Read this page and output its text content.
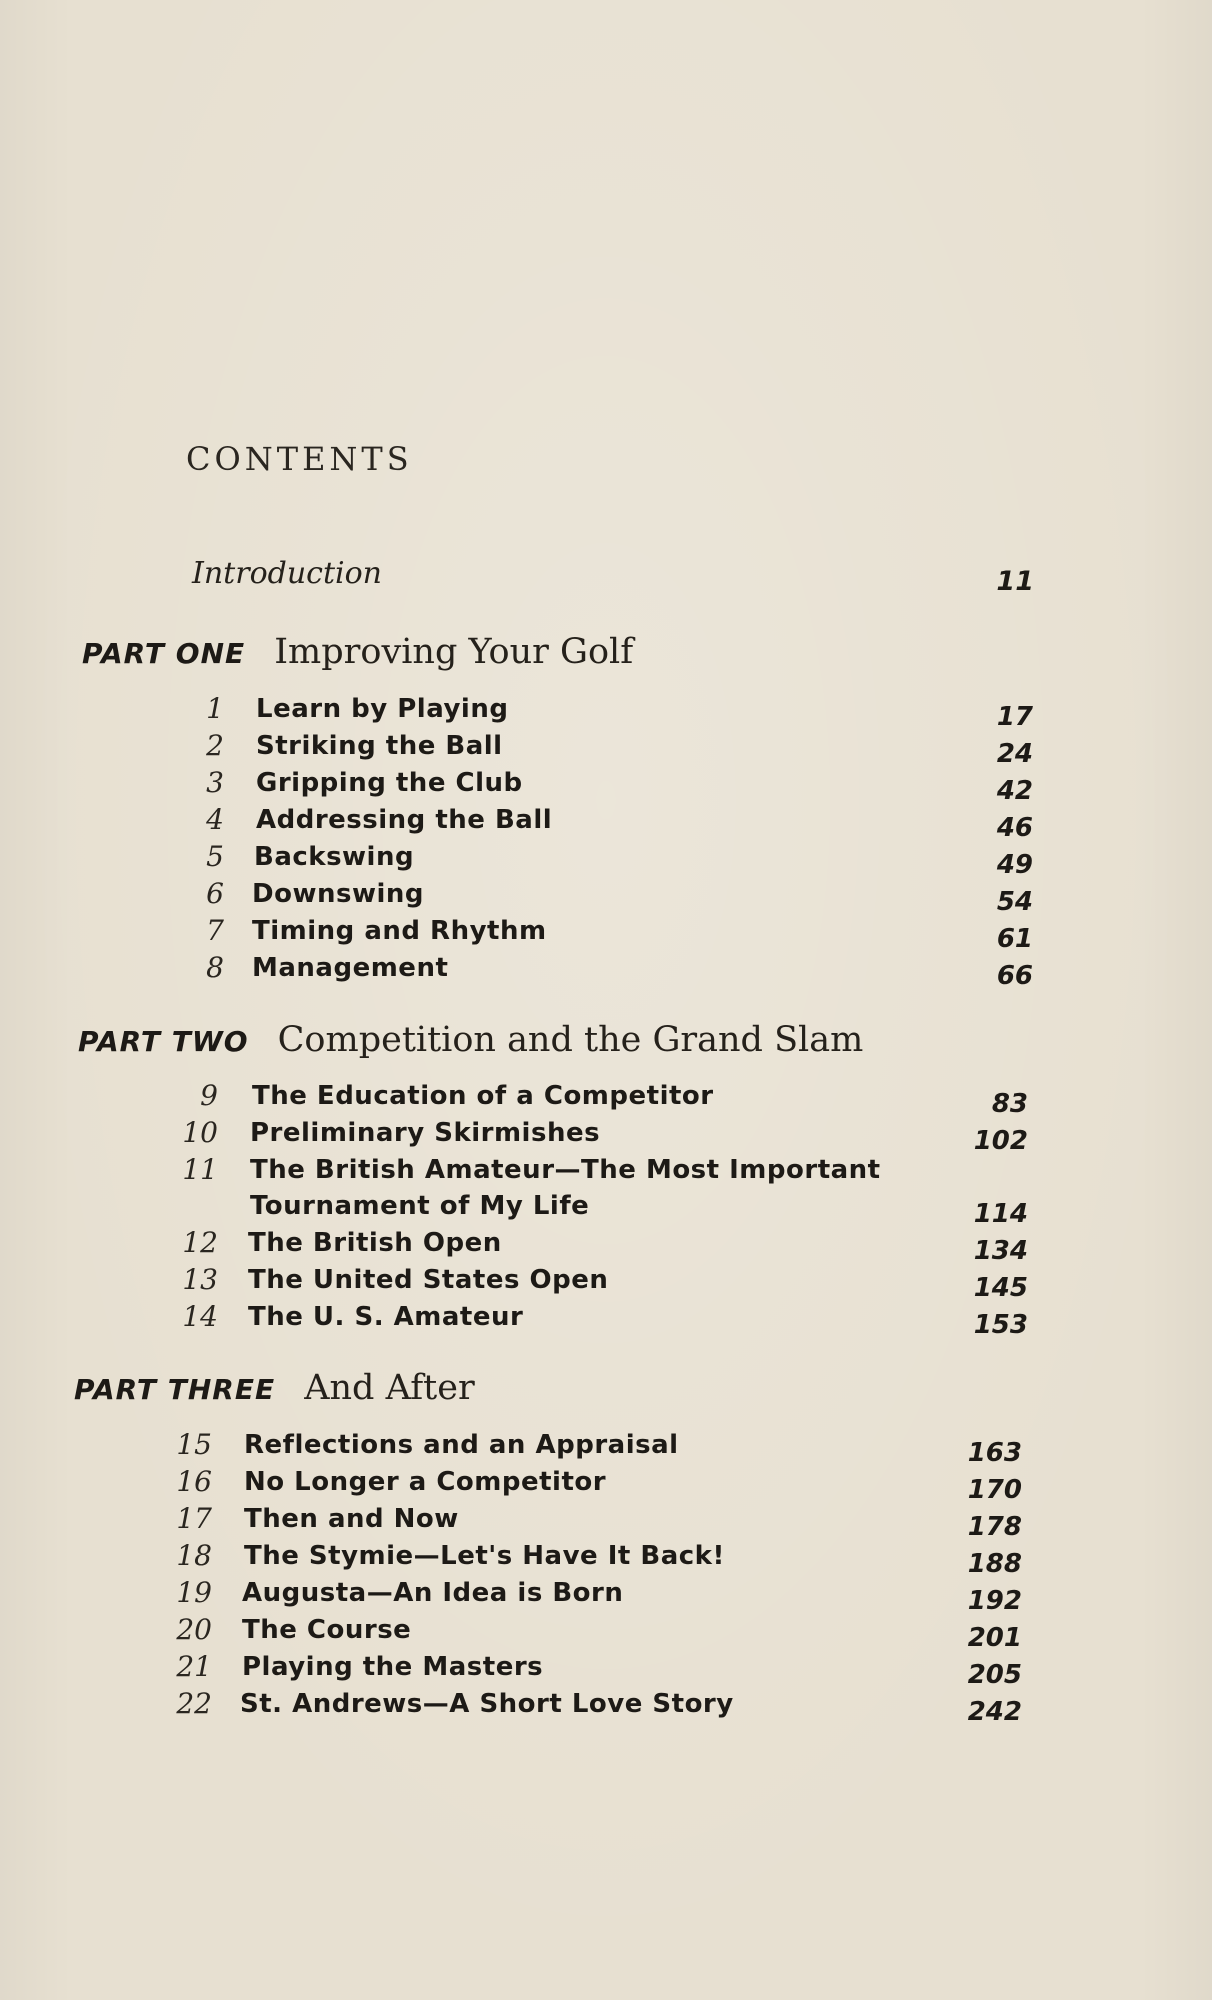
CONTENTS
Introduction	11
PART ONE Improving Your Golf
1 Learn by Playing
2 Striking the Ball
3 Gripping the Club
4 Addressing the Ball
5 Backswing
6 Downswing
7 Timing and Rhythm
8 Management
17
24
42
46
49
54
61
66
PART TWO Competition and the Grand Slam
9 The Education of a Competitor
10 Preliminary Skirmishes
11 The British Amateur—The Most Important
Tournament of My Life
12 The British Open
13 The United States Open
14 The U. S. Amateur
83
102
114
134
145
153
PART THREE And After
15 Reflections and an Appraisal
16 No Longer a Competitor
17 Then and Now
18 The Stymie—Let's Have It Back!
19 Augusta—An Idea is Born
20 The Course
21 Playing the Masters
22 St. Andrews—A Short Love Story
163
170
178
188
192
201
205
242
